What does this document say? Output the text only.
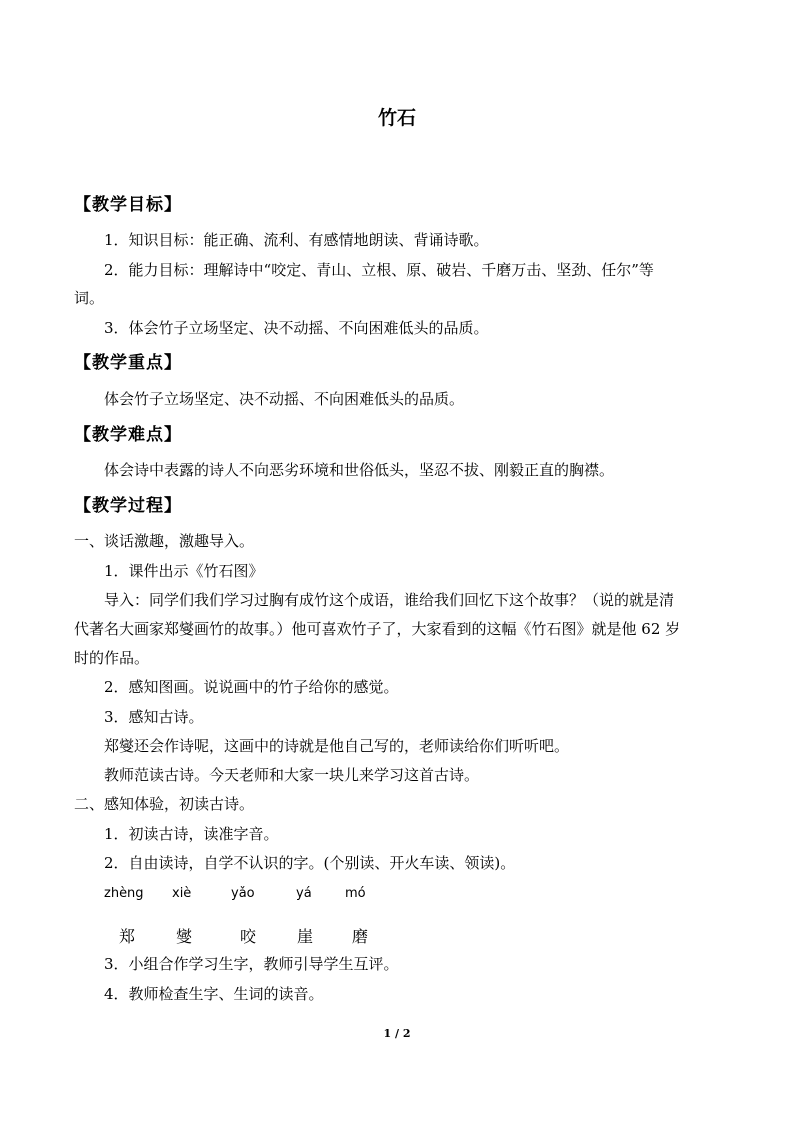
竹石
【教学目标】
1．知识目标：能正确、流利、有感情地朗读、背诵诗歌。
2．能力目标：理解诗中“咬定、青山、立根、原、破岩、千磨万击、坚劲、任尔”等
词。
3．体会竹子立场坚定、决不动摇、不向困难低头的品质。
【教学重点】
体会竹子立场坚定、决不动摇、不向困难低头的品质。
【教学难点】
体会诗中表露的诗人不向恶劣环境和世俗低头，坚忍不拔、刚毅正直的胸襟。
【教学过程】
一、谈话激趣，激趣导入。
1．课件出示《竹石图》
导入：同学们我们学习过胸有成竹这个成语，谁给我们回忆下这个故事？（说的就是清
代著名大画家郑燮画竹的故事。）他可喜欢竹子了，大家看到的这幅《竹石图》就是他 62 岁
时的作品。
2．感知图画。说说画中的竹子给你的感觉。
3．感知古诗。
郑燮还会作诗呢，这画中的诗就是他自己写的，老师读给你们听听吧。
教师范读古诗。今天老师和大家一块儿来学习这首古诗。
二、感知体验，初读古诗。
1．初读古诗，读准字音。
2．自由读诗，自学不认识的字。(个别读、开火车读、领读)。
zhèng xiè	yǎo	yá	mó
郑	燮	咬	崖 磨
3．小组合作学习生字，教师引导学生互评。
4．教师检查生字、生词的读音。
1 / 2
